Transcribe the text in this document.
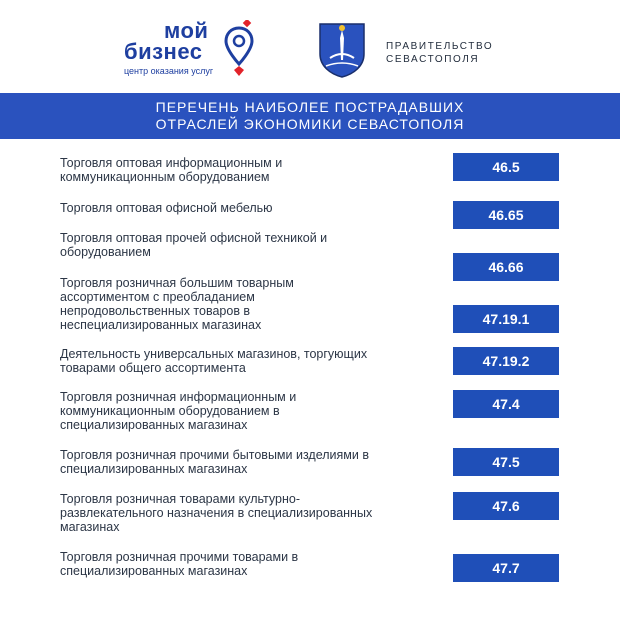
мой
бизнес
центр оказания услуг
ПРАВИТЕЛЬСТВО
СЕВАСТОПОЛЯ
ПЕРЕЧЕНЬ НАИБОЛЕЕ ПОСТРАДАВШИХ
ОТРАСЛЕЙ ЭКОНОМИКИ СЕВАСТОПОЛЯ
Торговля оптовая информационным и
коммуникационным оборудованием
46.5
Торговля оптовая офисной мебелью	46.65
Торговля оптовая прочей офисной техникой и
оборудованием
46.66
Торговля розничная большим товарным
ассортиментом с преобладанием
непродовольственных товаров в
неспециализированных магазинах	47.19.1
Деятельность универсальных магазинов, торгующих
товарами общего ассортимента	47.19.2
Торговля розничная информационным и
коммуникационным оборудованием в
специализированных магазинах
47.4
Торговля розничная прочими бытовыми изделиями в
специализированных магазинах	47.5
Торговля розничная товарами культурно-
развлекательного назначения в специализированных
магазинах
47.6
Торговля розничная прочими товарами в
специализированных магазинах	47.7
